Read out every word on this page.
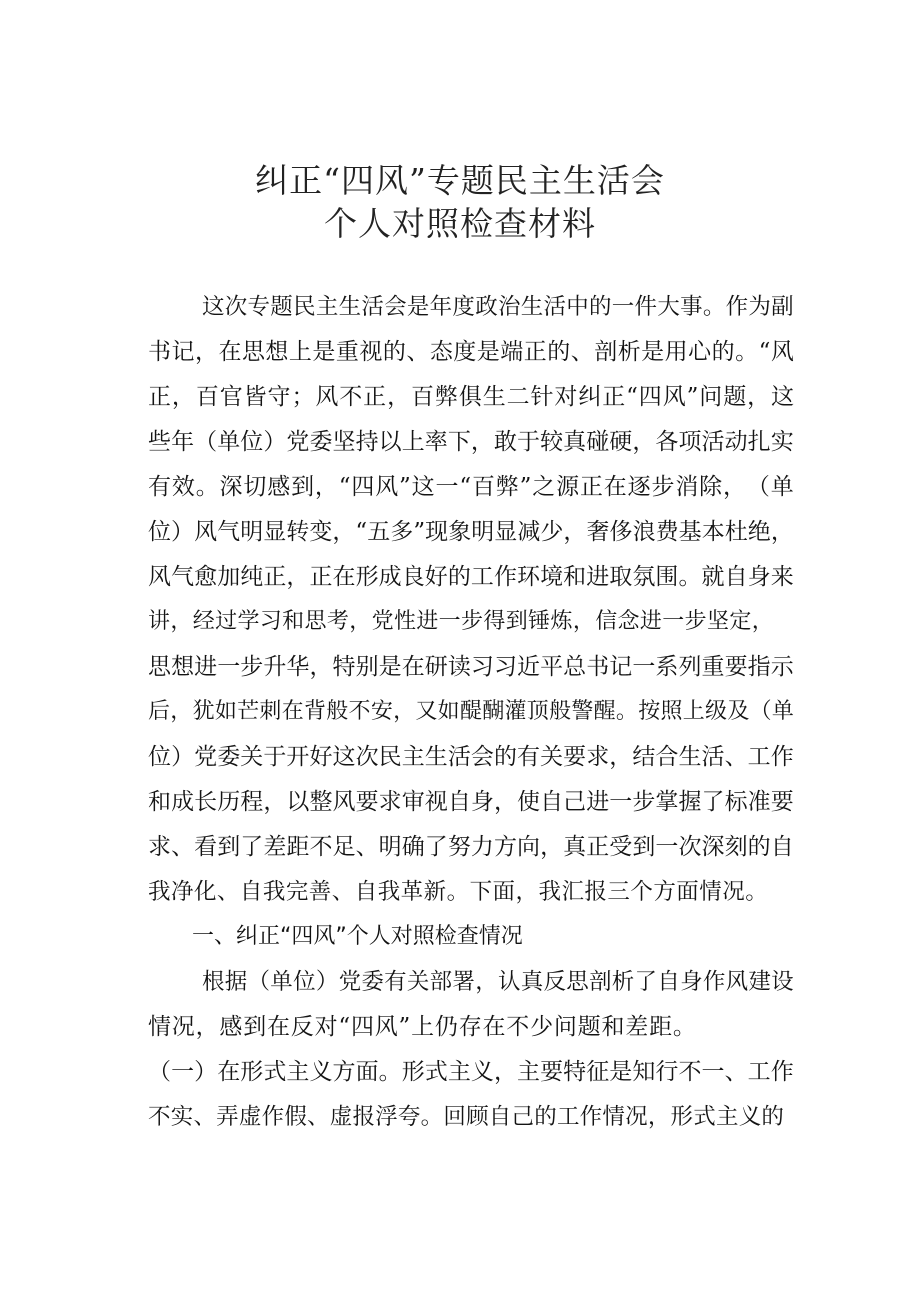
纠正“四风”专题民主生活会
个人对照检查材料
这 次 专 题 民 主 生 活 会 是 年 度 政 治 生 活 中 的 一 件 大 事 。 作 为 副
书 记 ， 在 思 想 上 是 重 视 的 、 态 度 是 端 正 的 、 剖 析 是 用 心 的 。 “ 风
正 ， 百 官 皆 守 ； 风 不 正 ， 百 弊 俱 生 二 针 对 纠 正 “ 四 风 ” 问 题 ， 这
些 年 （ 单 位 ） 党 委 坚 持 以 上 率 下 ， 敢 于 较 真 碰 硬 ， 各 项 活 动 扎 实
有 效 。 深 切 感 到 ， “ 四 风 ” 这 一 “ 百 弊 ” 之 源 正 在 逐 步 消 除 ， （ 单
位 ） 风 气 明 显 转 变 ， “ 五 多 ” 现 象 明 显 减 少 ， 奢 侈 浪 费 基 本 杜 绝 ，
风 气 愈 加 纯 正 ， 正 在 形 成 良 好 的 工 作 环 境 和 进 取 氛 围 。 就 自 身 来
讲 ， 经 过 学 习 和 思 考 ， 党 性 进 一 步 得 到 锤 炼 ， 信 念 进 一 步 坚 定 ，
思 想 进 一 步 升 华 ， 特 别 是 在 研 读 习 习 近 平 总 书 记 一 系 列 重 要 指 示
后 ， 犹 如 芒 刺 在 背 般 不 安 ， 又 如 醍 醐 灌 顶 般 警 醒 。 按 照 上 级 及 （ 单
位 ） 党 委 关 于 开 好 这 次 民 主 生 活 会 的 有 关 要 求 ， 结 合 生 活 、 工 作
和 成 长 历 程 ， 以 整 风 要 求 审 视 自 身 ， 使 自 己 进 一 步 掌 握 了 标 准 要
求 、 看 到 了 差 距 不 足 、 明 确 了 努 力 方 向 ， 真 正 受 到 一 次 深 刻 的 自
我 净 化 、 自 我 完 善 、 自 我 革 新 。 下 面 ， 我 汇 报 三 个 方 面 情 况 。
一、纠正“四风”个人对照检查情况
根 据 （ 单 位 ） 党 委 有 关 部 署 ， 认 真 反 思 剖 析 了 自 身 作 风 建 设
情 况 ， 感 到 在 反 对 “ 四 风 ” 上 仍 存 在 不 少 问 题 和 差 距 。
（ 一 ） 在 形 式 主 义 方 面 。 形 式 主 义 ， 主 要 特 征 是 知 行 不 一 、 工 作
不 实 、 弄 虚 作 假 、 虚 报 浮 夸 。 回 顾 自 己 的 工 作 情 况 ， 形 式 主 义 的
